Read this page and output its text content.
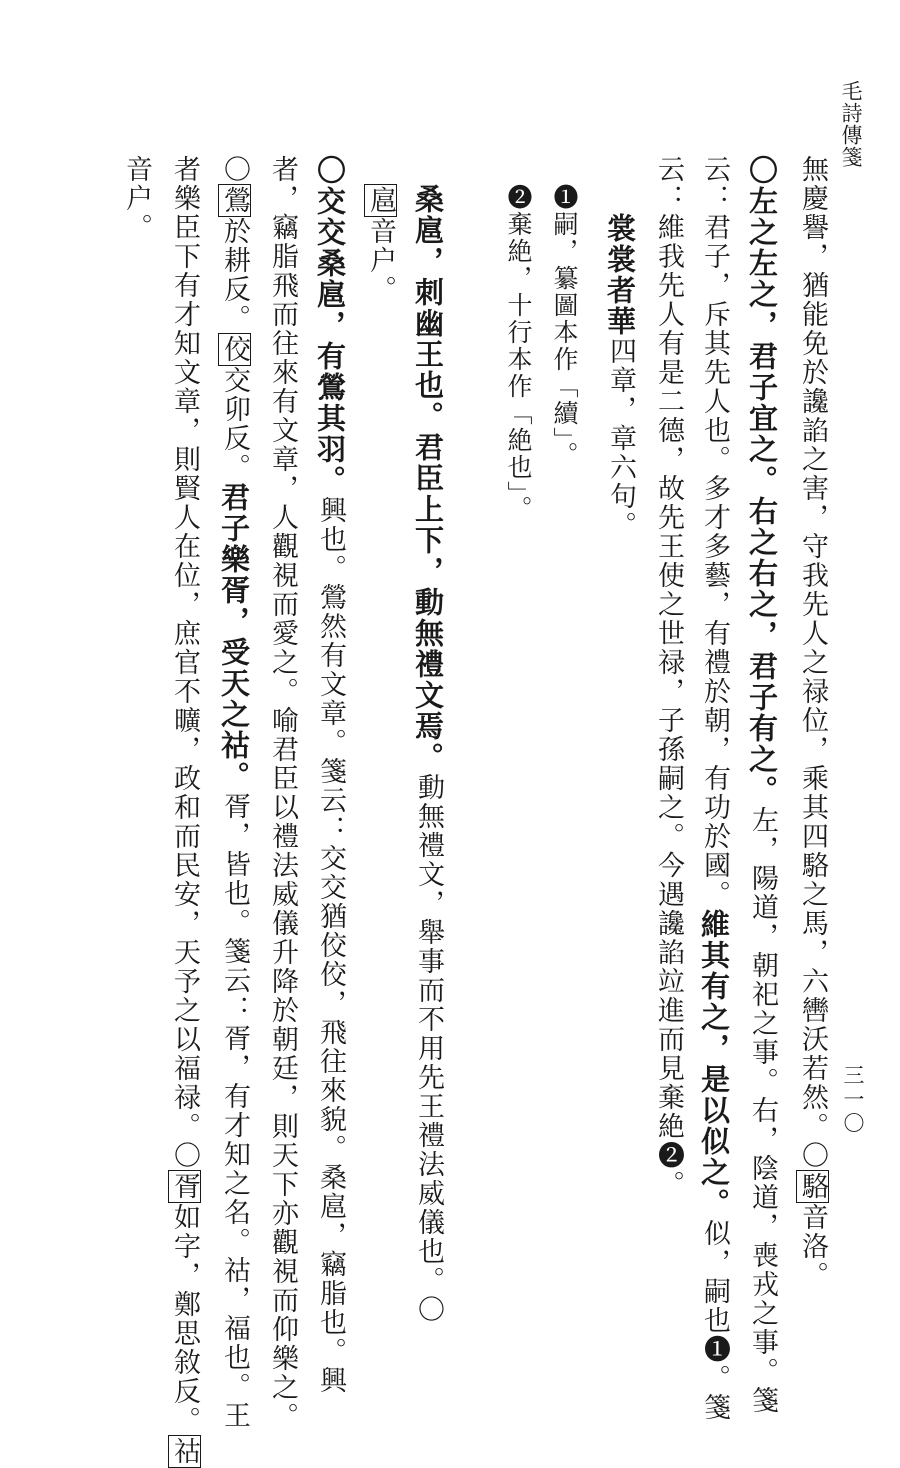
毛詩傳箋
三一〇
無慶譽，猶能免於讒諂之害，守我先人之禄位，乘其四駱之馬，六轡沃若然。〇駱音洛。
〇左之左之，君子宜之。右之右之，君子有之。左，陽道，朝祀之事。右，陰道，喪戎之事。箋
云：君子，斥其先人也。多才多藝，有禮於朝，有功於國。維其有之，是以似之。似，嗣也❶。箋
云：維我先人有是二德，故先王使之世禄，子孫嗣之。今遇讒諂竝進而見棄絶❷。
　　裳裳者華四章，章六句。
　❶嗣，纂圖本作「續」。
　❷棄絶，十行本作「絶也」。
　桑扈，刺幽王也。君臣上下，動無禮文焉。動無禮文，舉事而不用先王禮法威儀也。〇
　扈音户。
〇交交桑扈，有鶯其羽。興也。鶯然有文章。箋云：交交猶佼佼，飛往來貌。桑扈，竊脂也。興
者，竊脂飛而往來有文章，人觀視而愛之。喻君臣以禮法威儀升降於朝廷，則天下亦觀視而仰樂之。
〇鶯於耕反。佼交卯反。君子樂胥，受天之祜。胥，皆也。箋云：胥，有才知之名。祜，福也。王
者樂臣下有才知文章，則賢人在位，庶官不曠，政和而民安，天予之以福禄。〇胥如字，鄭思敘反。祜
音户。
